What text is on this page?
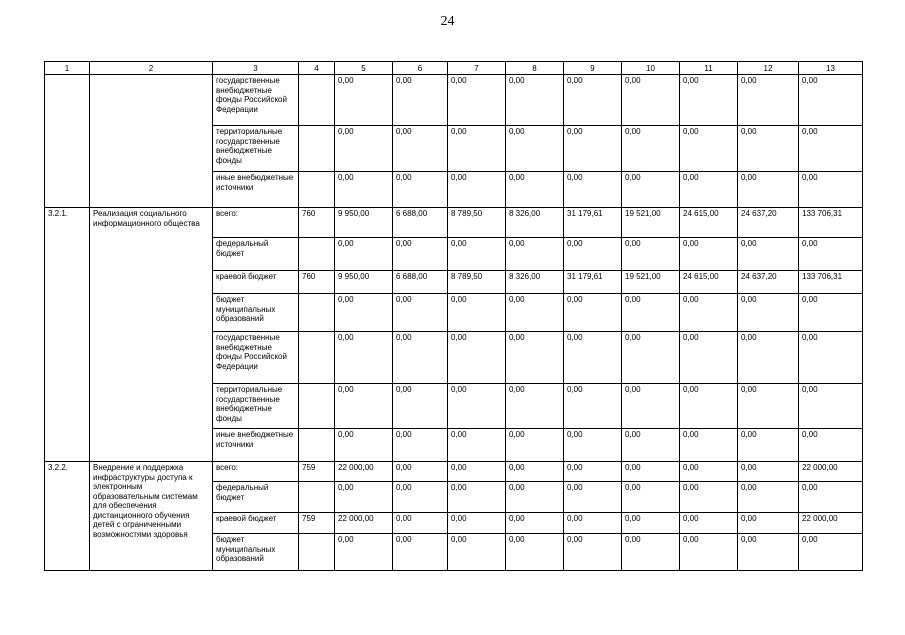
24
1	2	3	4	5	6	7	8	9	10	11	12	13
		государственные внебюджетные фонды Российской Федерации		0,00	0,00	0,00	0,00	0,00	0,00	0,00	0,00	0,00
		территориальные государственные внебюджетные фонды		0,00	0,00	0,00	0,00	0,00	0,00	0,00	0,00	0,00
		иные внебюджетные источники		0,00	0,00	0,00	0,00	0,00	0,00	0,00	0,00	0,00
3.2.1.	Реализация социального информационного общества	всего:	760	9 950,00	6 688,00	8 789,50	8 326,00	31 179,61	19 521,00	24 615,00	24 637,20	133 706,31
		федеральный бюджет		0,00	0,00	0,00	0,00	0,00	0,00	0,00	0,00	0,00
		краевой бюджет	760	9 950,00	6 688,00	8 789,50	8 326,00	31 179,61	19 521,00	24 615,00	24 637,20	133 706,31
		бюджет муниципальных образований		0,00	0,00	0,00	0,00	0,00	0,00	0,00	0,00	0,00
		государственные внебюджетные фонды Российской Федерации		0,00	0,00	0,00	0,00	0,00	0,00	0,00	0,00	0,00
		территориальные государственные внебюджетные фонды		0,00	0,00	0,00	0,00	0,00	0,00	0,00	0,00	0,00
		иные внебюджетные источники		0,00	0,00	0,00	0,00	0,00	0,00	0,00	0,00	0,00
3.2.2.	Внедрение и поддержка инфраструктуры доступа к электронным образовательным системам для обеспечения дистанционного обучения детей с ограниченными возможностями здоровья	всего:	759	22 000,00	0,00	0,00	0,00	0,00	0,00	0,00	0,00	22 000,00
		федеральный бюджет		0,00	0,00	0,00	0,00	0,00	0,00	0,00	0,00	0,00
		краевой бюджет	759	22 000,00	0,00	0,00	0,00	0,00	0,00	0,00	0,00	22 000,00
		бюджет муниципальных образований		0,00	0,00	0,00	0,00	0,00	0,00	0,00	0,00	0,00
